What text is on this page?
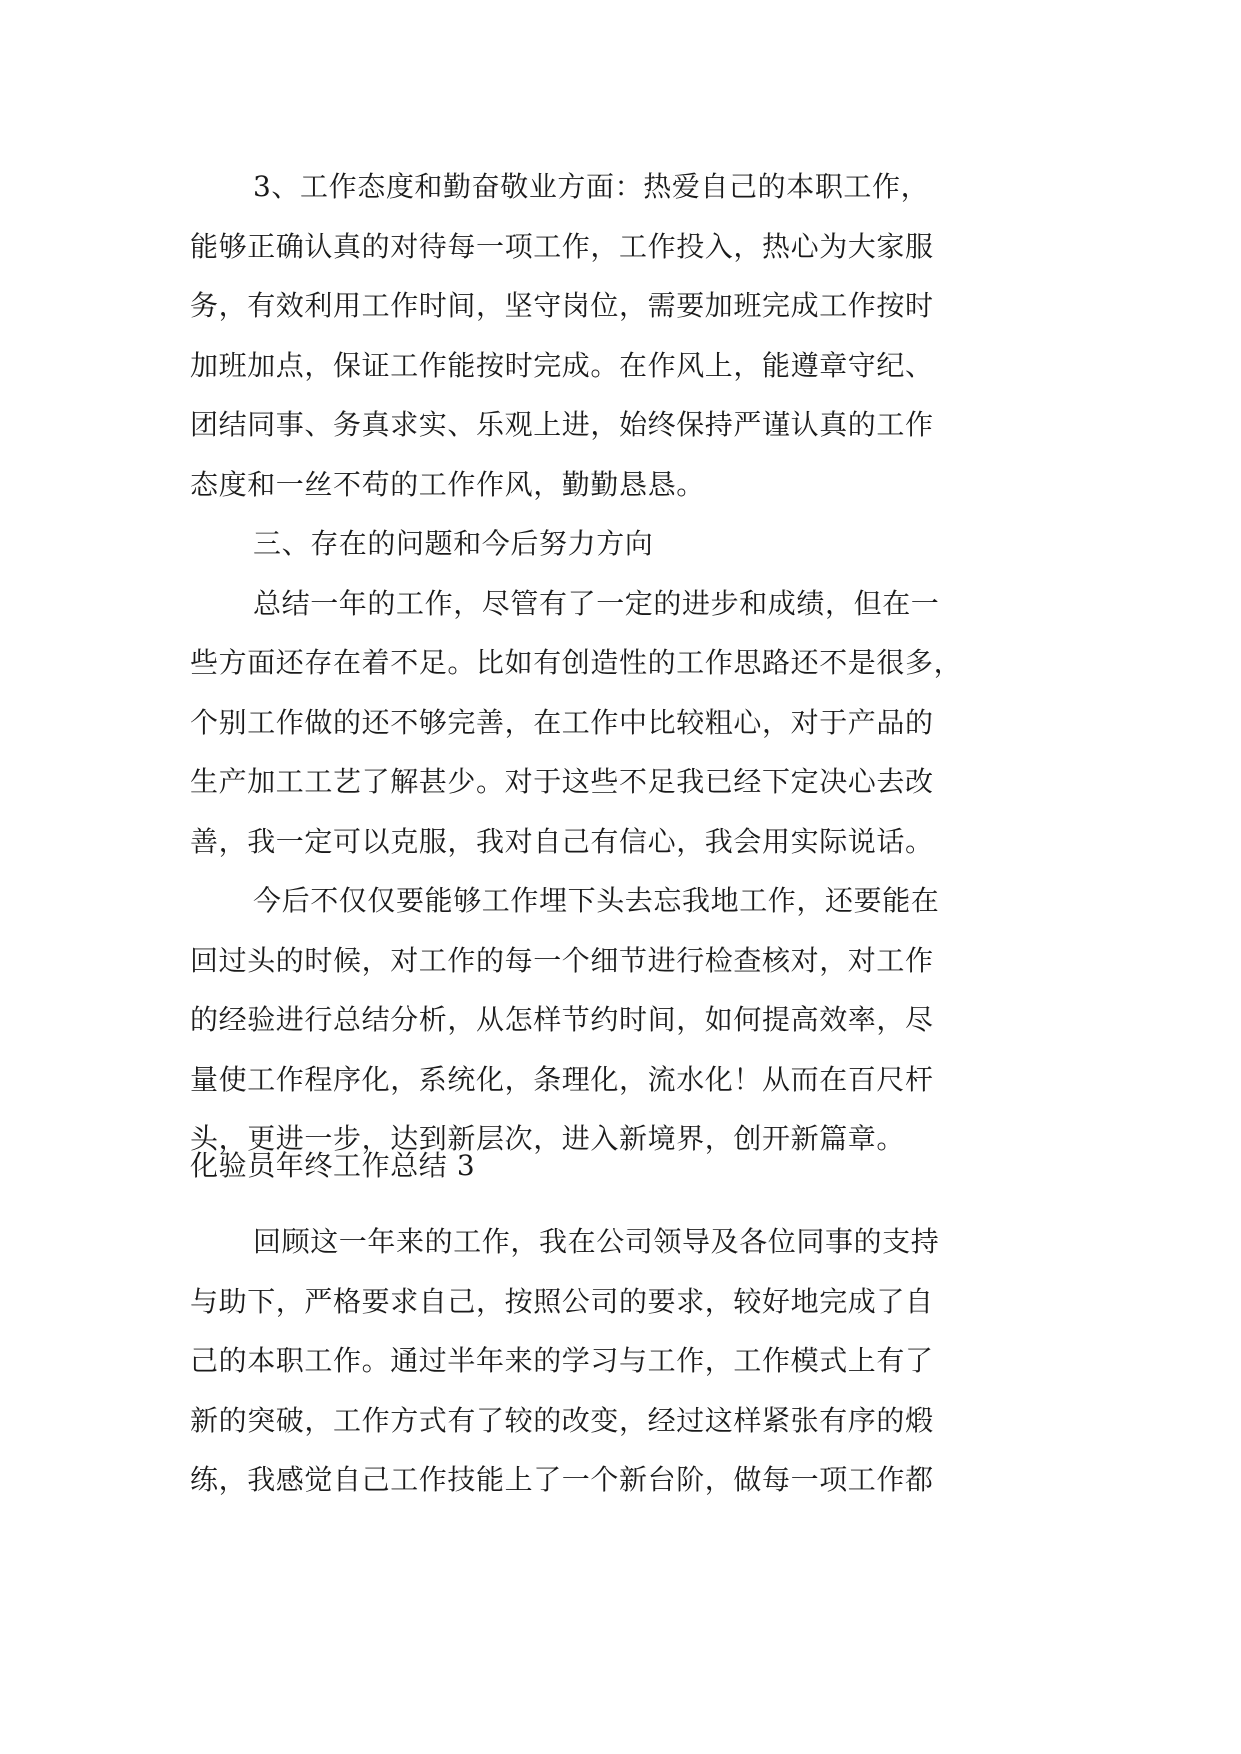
3、工作态度和勤奋敬业方面：热爱自己的本职工作，
能够正确认真的对待每一项工作，工作投入，热心为大家服
务，有效利用工作时间，坚守岗位，需要加班完成工作按时
加班加点，保证工作能按时完成。在作风上，能遵章守纪、
团结同事、务真求实、乐观上进，始终保持严谨认真的工作
态度和一丝不苟的工作作风，勤勤恳恳。
三、存在的问题和今后努力方向
总结一年的工作，尽管有了一定的进步和成绩，但在一
些方面还存在着不足。比如有创造性的工作思路还不是很多，
个别工作做的还不够完善，在工作中比较粗心，对于产品的
生产加工工艺了解甚少。对于这些不足我已经下定决心去改
善，我一定可以克服，我对自己有信心，我会用实际说话。
今后不仅仅要能够工作埋下头去忘我地工作，还要能在
回过头的时候，对工作的每一个细节进行检查核对，对工作
的经验进行总结分析，从怎样节约时间，如何提高效率，尽
量使工作程序化，系统化，条理化，流水化！从而在百尺杆
头，更进一步，达到新层次，进入新境界，创开新篇章。
化验员年终工作总结 3
回顾这一年来的工作，我在公司领导及各位同事的支持
与助下，严格要求自己，按照公司的要求，较好地完成了自
己的本职工作。通过半年来的学习与工作，工作模式上有了
新的突破，工作方式有了较的改变，经过这样紧张有序的煅
练，我感觉自己工作技能上了一个新台阶，做每一项工作都
